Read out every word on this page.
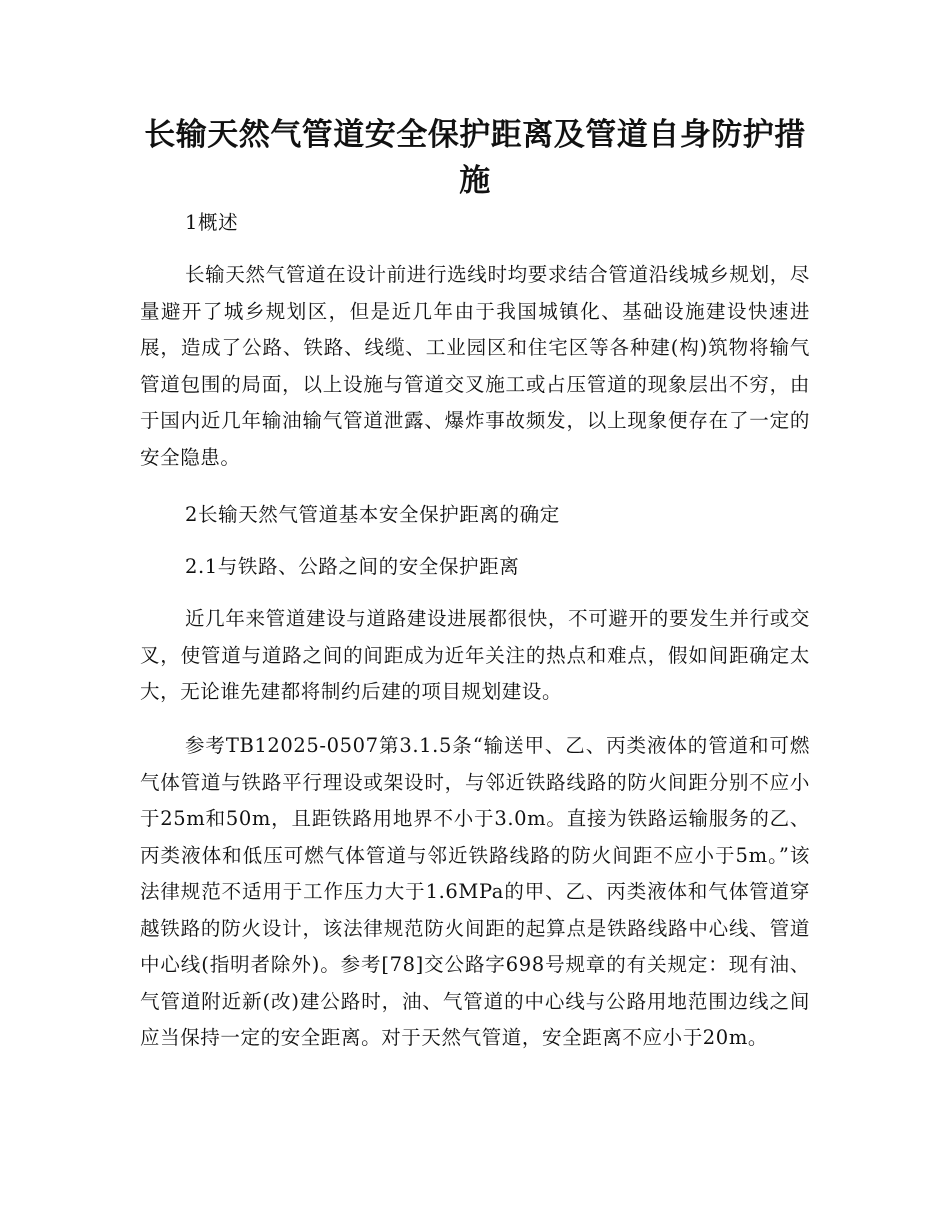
长输天然气管道安全保护距离及管道自身防护措施

1概述

长输天然气管道在设计前进行选线时均要求结合管道沿线城乡规划，尽量避开了城乡规划区，但是近几年由于我国城镇化、基础设施建设快速进展，造成了公路、铁路、线缆、工业园区和住宅区等各种建(构)筑物将输气管道包围的局面，以上设施与管道交叉施工或占压管道的现象层出不穷，由于国内近几年输油输气管道泄露、爆炸事故频发，以上现象便存在了一定的安全隐患。

2长输天然气管道基本安全保护距离的确定

2.1与铁路、公路之间的安全保护距离

近几年来管道建设与道路建设进展都很快，不可避开的要发生并行或交叉，使管道与道路之间的间距成为近年关注的热点和难点，假如间距确定太大，无论谁先建都将制约后建的项目规划建设。

参考TB12025-0507第3.1.5条“输送甲、乙、丙类液体的管道和可燃气体管道与铁路平行理设或架设时，与邻近铁路线路的防火间距分别不应小于25m和50m，且距铁路用地界不小于3.0m。直接为铁路运输服务的乙、丙类液体和低压可燃气体管道与邻近铁路线路的防火间距不应小于5m。”该法律规范不适用于工作压力大于1.6MPa的甲、乙、丙类液体和气体管道穿越铁路的防火设计，该法律规范防火间距的起算点是铁路线路中心线、管道中心线(指明者除外)。参考[78]交公路字698号规章的有关规定：现有油、气管道附近新(改)建公路时，油、气管道的中心线与公路用地范围边线之间应当保持一定的安全距离。对于天然气管道，安全距离不应小于20m。
